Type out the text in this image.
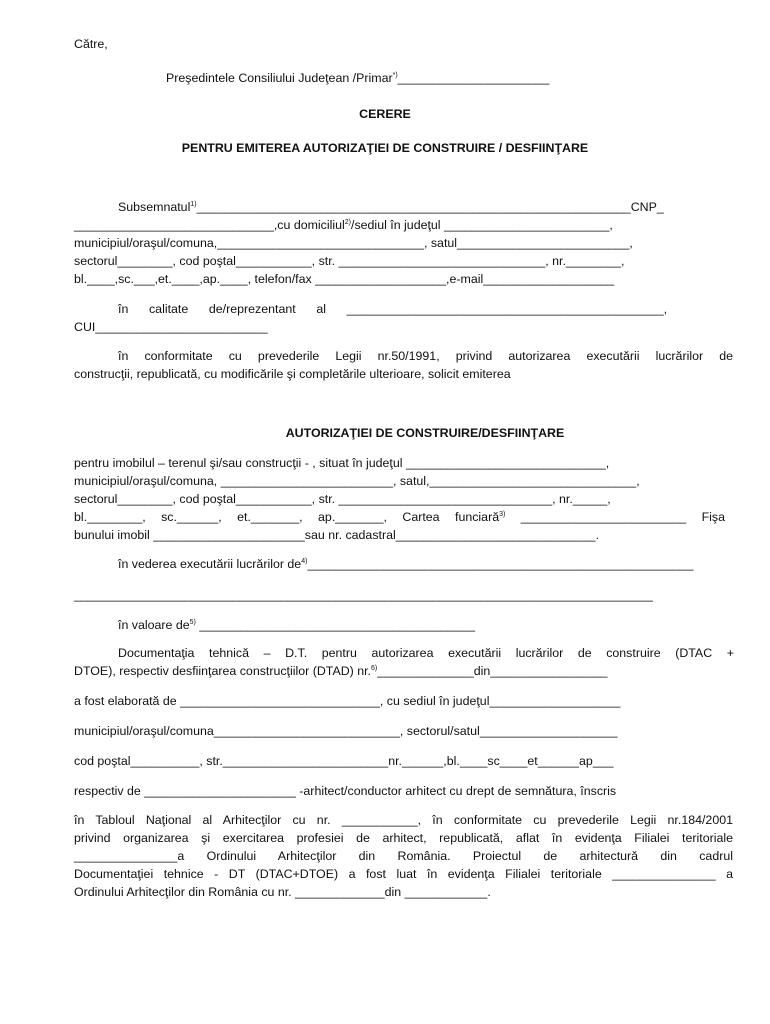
Către,
Preşedintele Consiliului Judeţean /Primar*)______________________
CERERE
PENTRU EMITEREA AUTORIZAŢIEI DE CONSTRUIRE / DESFIINŢARE
Subsemnatul$^{1)}$_______________________________________________________________CNP_
_____________________________,cu domiciliul$^{2)}$/sediul în judeţul ________________________,
municipiul/oraşul/comuna,______________________________, satul_________________________,
sectorul________, cod poştal___________, str. ______________________________, nr.________,
bl.____,sc.___,et.____,ap.____, telefon/fax ___________________,e-mail___________________
în      calitate      de/reprezentant      al      ______________________________________________,
CUI_________________________
în conformitate cu prevederile Legii nr.50/1991, privind autorizarea executării lucrărilor de
construcţii, republicată, cu modificările şi completările ulterioare, solicit emiterea
AUTORIZAŢIEI DE CONSTRUIRE/DESFIINŢARE
pentru imobilul – terenul şi/sau construcţii - , situat în judeţul _____________________________,
municipiul/oraşul/comuna, _________________________, satul,______________________________,
sectorul________, cod poştal___________, str. _______________________________, nr._____,
bl.________, sc.______, et._______, ap._______, Cartea funciară$^{3)}$ ________________________ Fişa
bunului imobil ______________________sau nr. cadastral_____________________________.
în vederea executării lucrărilor $de^{4)}\_\_\_\_\_\_\_\_\_\_\_\_\_\_\_\_\_\_\_\_\_\_\_\_\_\_\_\_\_\_\_\_\_\_\_\_\_\_\_\_\_\_\_\_\_\_\_\_\_\_\_\_\_\_\_\_$
____________________________________________________________________________________
în valoare $de^{5)}$ ________________________________________
Documentaţia tehnică – D.T. pentru autorizarea executării lucrărilor de construire (DTAC +
DTOE), respectiv desfiinţarea construcţiilor (DTAD) nr.$^{6)}$______________din_________________
a fost elaborată de _____________________________, cu sediul în judeţul___________________
municipiul/oraşul/comuna___________________________, sectorul/satul____________________
cod poştal__________, str.________________________nr.______,bl.____sc____et______ap___
respectiv de ______________________ -arhitect/conductor arhitect cu drept de semnătura, înscris
în Tabloul Naţional al Arhitecţilor cu nr. ___________, în conformitate cu prevederile Legii nr.184/2001
privind organizarea şi exercitarea profesiei de arhitect, republicată, aflat în evidenţa Filialei teritoriale
_______________a Ordinului Arhitecţilor din România. Proiectul de arhitectură din cadrul
Documentaţiei tehnice - DT (DTAC+DTOE) a fost luat în evidenţa Filialei teritoriale _______________ a
Ordinului Arhitecţilor din România cu nr. _____________din ____________.
